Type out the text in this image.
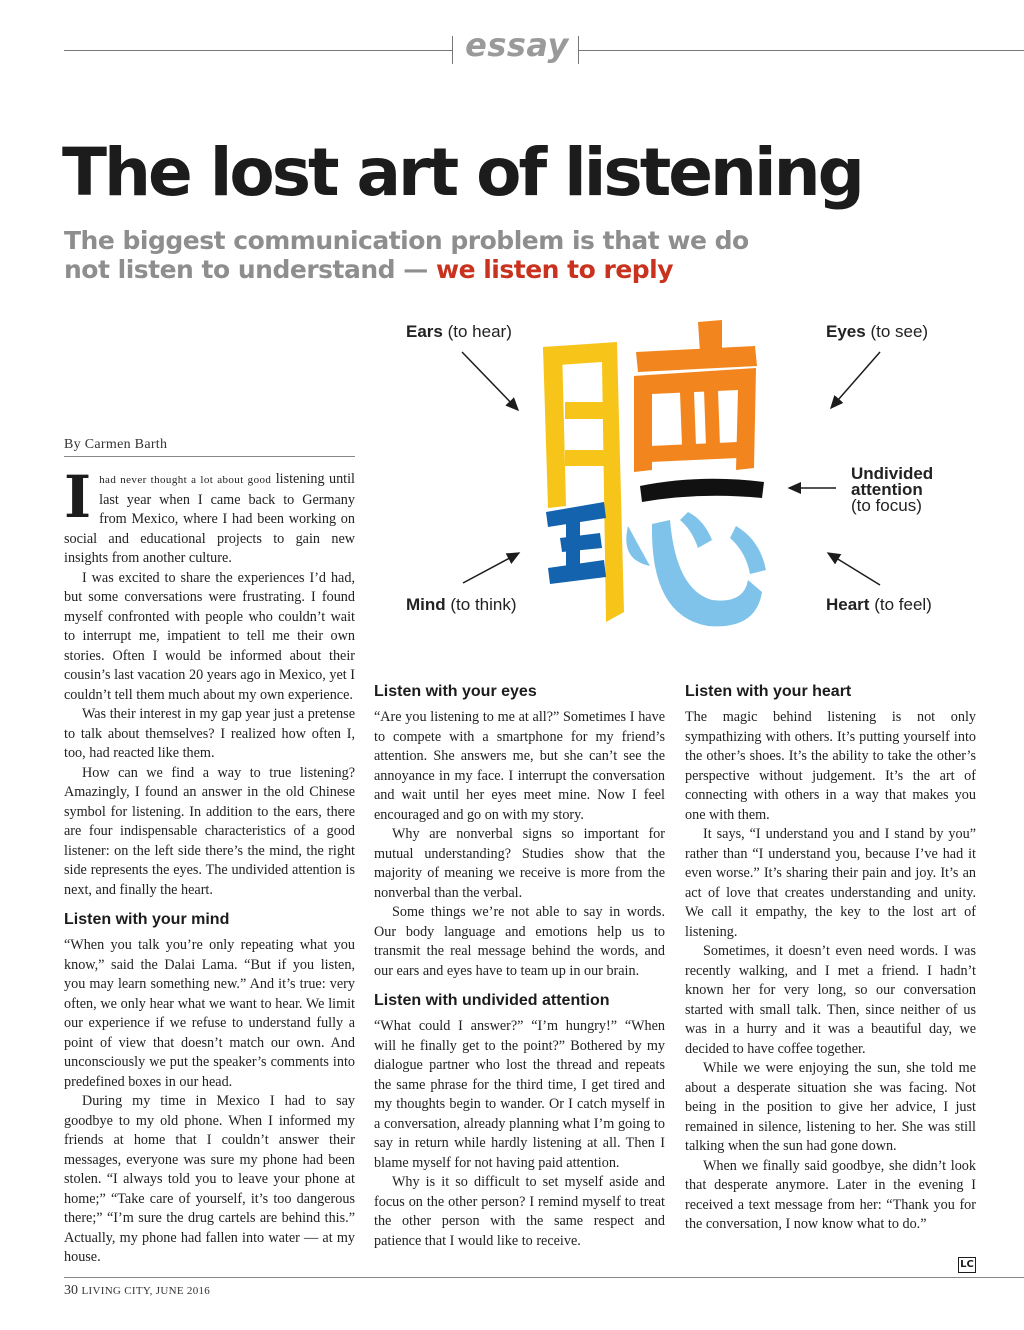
essay
The lost art of listening
The biggest communication problem is that we do not listen to understand — we listen to reply
Ears (to hear)	Eyes (to see)
Undivided
attention
(to focus)
Mind (to think)	Heart (to feel)
By Carmen Barth

Ihad never thought a lot about good listening until last year when I came back to Germany from Mexico, where I had been working on social and educational projects to gain new insights from another culture.

I was excited to share the experiences I’d had, but some conversations were frustrating. I found myself confronted with people who couldn’t wait to interrupt me, impatient to tell me their own stories. Often I would be informed about their cousin’s last vacation 20 years ago in Mexico, yet I couldn’t tell them much about my own experience.

Was their interest in my gap year just a pretense to talk about themselves? I realized how often I, too, had reacted like them.

How can we find a way to true listening? Amazingly, I found an answer in the old Chinese symbol for listening. In addition to the ears, there are four indispensable characteristics of a good listener: on the left side there’s the mind, the right side represents the eyes. The undivided attention is next, and finally the heart.

Listen with your mind

“When you talk you’re only repeating what you know,” said the Dalai Lama. “But if you listen, you may learn something new.” And it’s true: very often, we only hear what we want to hear. We limit our experience if we refuse to understand fully a point of view that doesn’t match our own. And unconsciously we put the speaker’s comments into predefined boxes in our head.

During my time in Mexico I had to say goodbye to my old phone. When I informed my friends at home that I couldn’t answer their messages, everyone was sure my phone had been stolen. “I always told you to leave your phone at home;” “Take care of yourself, it’s too dangerous there;” “I’m sure the drug cartels are behind this.” Actually, my phone had fallen into water — at my house.

Listen with your eyes

“Are you listening to me at all?” Sometimes I have to compete with a smartphone for my friend’s attention. She answers me, but she can’t see the annoyance in my face. I interrupt the conversation and wait until her eyes meet mine. Now I feel encouraged and go on with my story.

Why are nonverbal signs so important for mutual understanding? Studies show that the majority of meaning we receive is more from the nonverbal than the verbal.

Some things we’re not able to say in words. Our body language and emotions help us to transmit the real message behind the words, and our ears and eyes have to team up in our brain.

Listen with undivided attention

“What could I answer?” “I’m hungry!” “When will he finally get to the point?” Bothered by my dialogue partner who lost the thread and repeats the same phrase for the third time, I get tired and my thoughts begin to wander. Or I catch myself in a conversation, already planning what I’m going to say in return while hardly listening at all. Then I blame myself for not having paid attention.

Why is it so difficult to set myself aside and focus on the other person? I remind myself to treat the other person with the same respect and patience that I would like to receive.

Listen with your heart

The magic behind listening is not only sympathizing with others. It’s putting yourself into the other’s shoes. It’s the ability to take the other’s perspective without judgement. It’s the art of connecting with others in a way that makes you one with them.

It says, “I understand you and I stand by you” rather than “I understand you, because I’ve had it even worse.” It’s sharing their pain and joy. It’s an act of love that creates understanding and unity. We call it empathy, the key to the lost art of listening.

Sometimes, it doesn’t even need words. I was recently walking, and I met a friend. I hadn’t known her for very long, so our conversation started with small talk. Then, since neither of us was in a hurry and it was a beautiful day, we decided to have coffee together.

While we were enjoying the sun, she told me about a desperate situation she was facing. Not being in the position to give her advice, I just remained in silence, listening to her. She was still talking when the sun had gone down.

When we finally said goodbye, she didn’t look that desperate anymore. Later in the evening I received a text message from her: “Thank you for the conversation, I now know what to do.”

LC
30 LIVING CITY, JUNE 2016
